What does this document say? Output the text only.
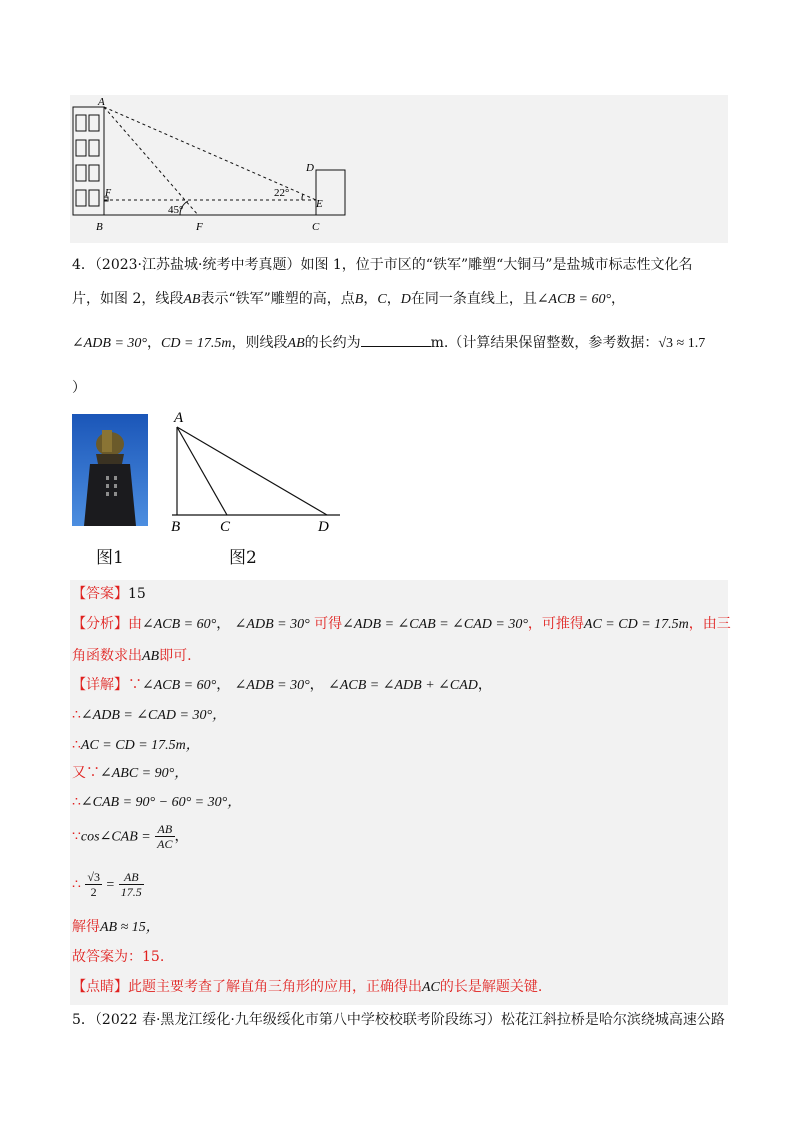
A
F
B	F
D
E
C
45°
22°
4．（2023·江苏盐城·统考中考真题）如图 1，位于市区的“铁军”雕塑“大铜马”是盐城市标志性文化名
片，如图 2，线段AB表示“铁军”雕塑的高，点B，C，D在同一条直线上，且∠ACB = 60°，
∠ADB = 30°，CD = 17.5m，则线段AB的长约为	m.（计算结果保留整数，参考数据：√3 ≈ 1.7
）
A
B	C	D
图1	图2
【答案】15
【分析】由∠ACB = 60°， ∠ADB = 30° 可得∠ADB = ∠CAB = ∠CAD = 30°，可推得AC = CD = 17.5m，由三
角函数求出AB即可.
【详解】∵∠ACB = 60°， ∠ADB = 30°， ∠ACB = ∠ADB + ∠CAD，
∴∠ADB = ∠CAD = 30°，
∴AC = CD = 17.5m，
又∵∠ABC = 90°，
∴∠CAB = 90° − 60° = 30°，
∵cos∠CAB = $\frac{AB}{AC}$ ，
∴ $\frac{√3}{2} = \frac{AB}{17.5}$
解得AB ≈ 15，
故答案为：15.
【点睛】此题主要考查了解直角三角形的应用，正确得出AC的长是解题关键.
5．（2022 春·黑龙江绥化·九年级绥化市第八中学校校联考阶段练习）松花江斜拉桥是哈尔滨绕城高速公路
